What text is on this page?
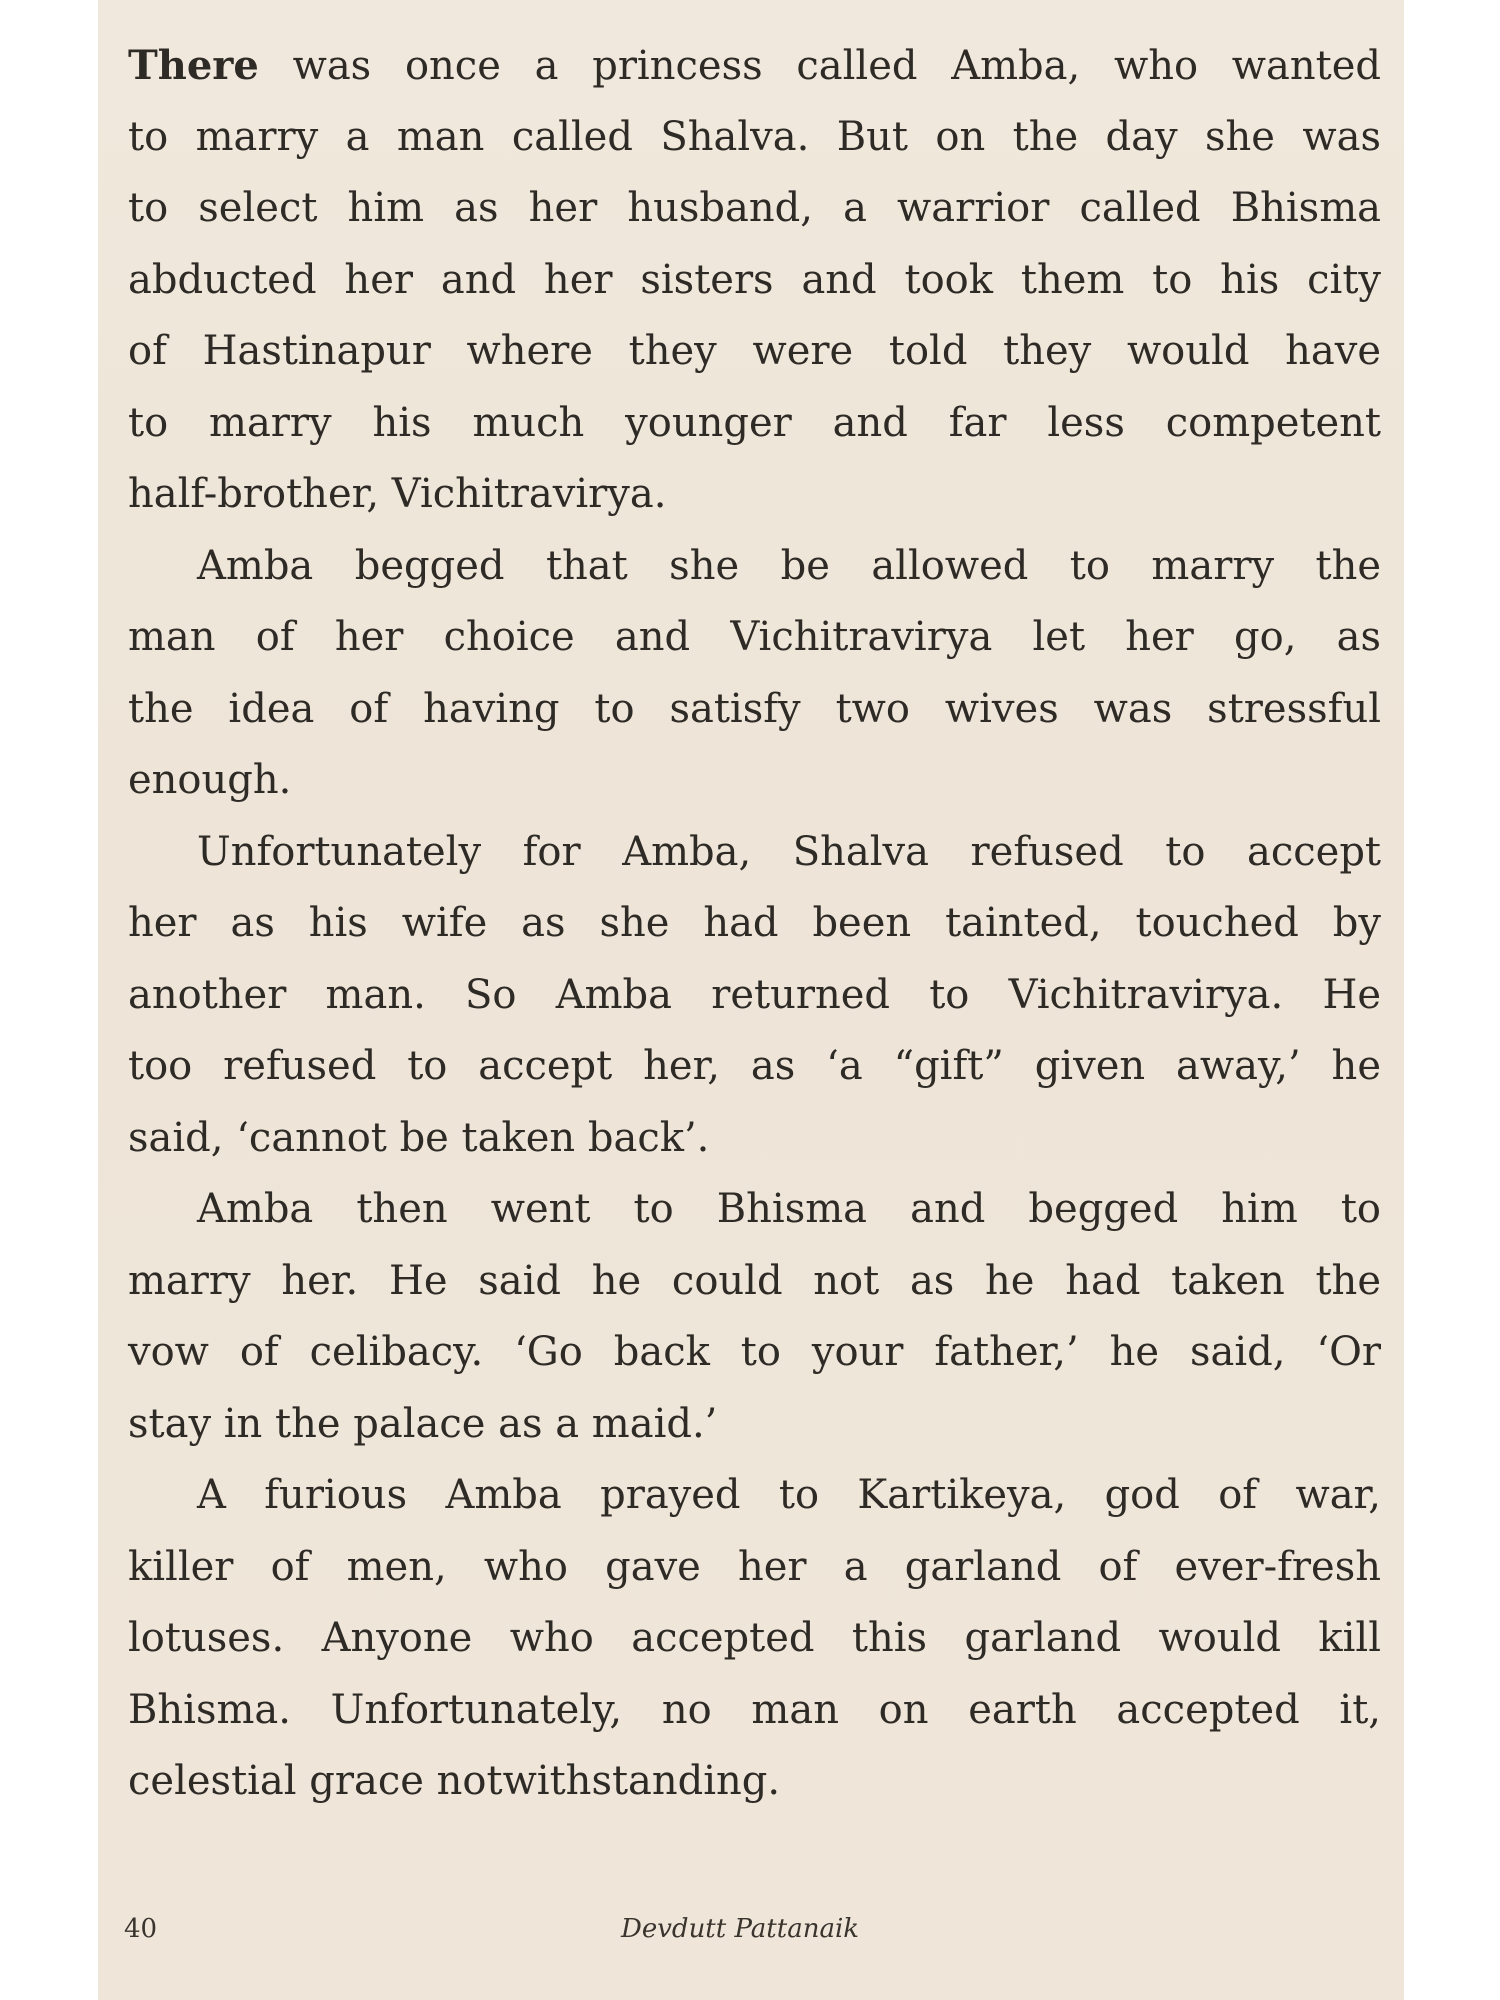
There was once a princess called Amba, who wanted
to marry a man called Shalva. But on the day she was
to select him as her husband, a warrior called Bhisma
abducted her and her sisters and took them to his city
of Hastinapur where they were told they would have
to marry his much younger and far less competent
half-brother, Vichitravirya.
Amba begged that she be allowed to marry the
man of her choice and Vichitravirya let her go, as
the idea of having to satisfy two wives was stressful
enough.
Unfortunately for Amba, Shalva refused to accept
her as his wife as she had been tainted, touched by
another man. So Amba returned to Vichitravirya. He
too refused to accept her, as ‘a “gift” given away,’ he
said, ‘cannot be taken back’.
Amba then went to Bhisma and begged him to
marry her. He said he could not as he had taken the
vow of celibacy. ‘Go back to your father,’ he said, ‘Or
stay in the palace as a maid.’
A furious Amba prayed to Kartikeya, god of war,
killer of men, who gave her a garland of ever-fresh
lotuses. Anyone who accepted this garland would kill
Bhisma. Unfortunately, no man on earth accepted it,
celestial grace notwithstanding.
40	Devdutt Pattanaik
